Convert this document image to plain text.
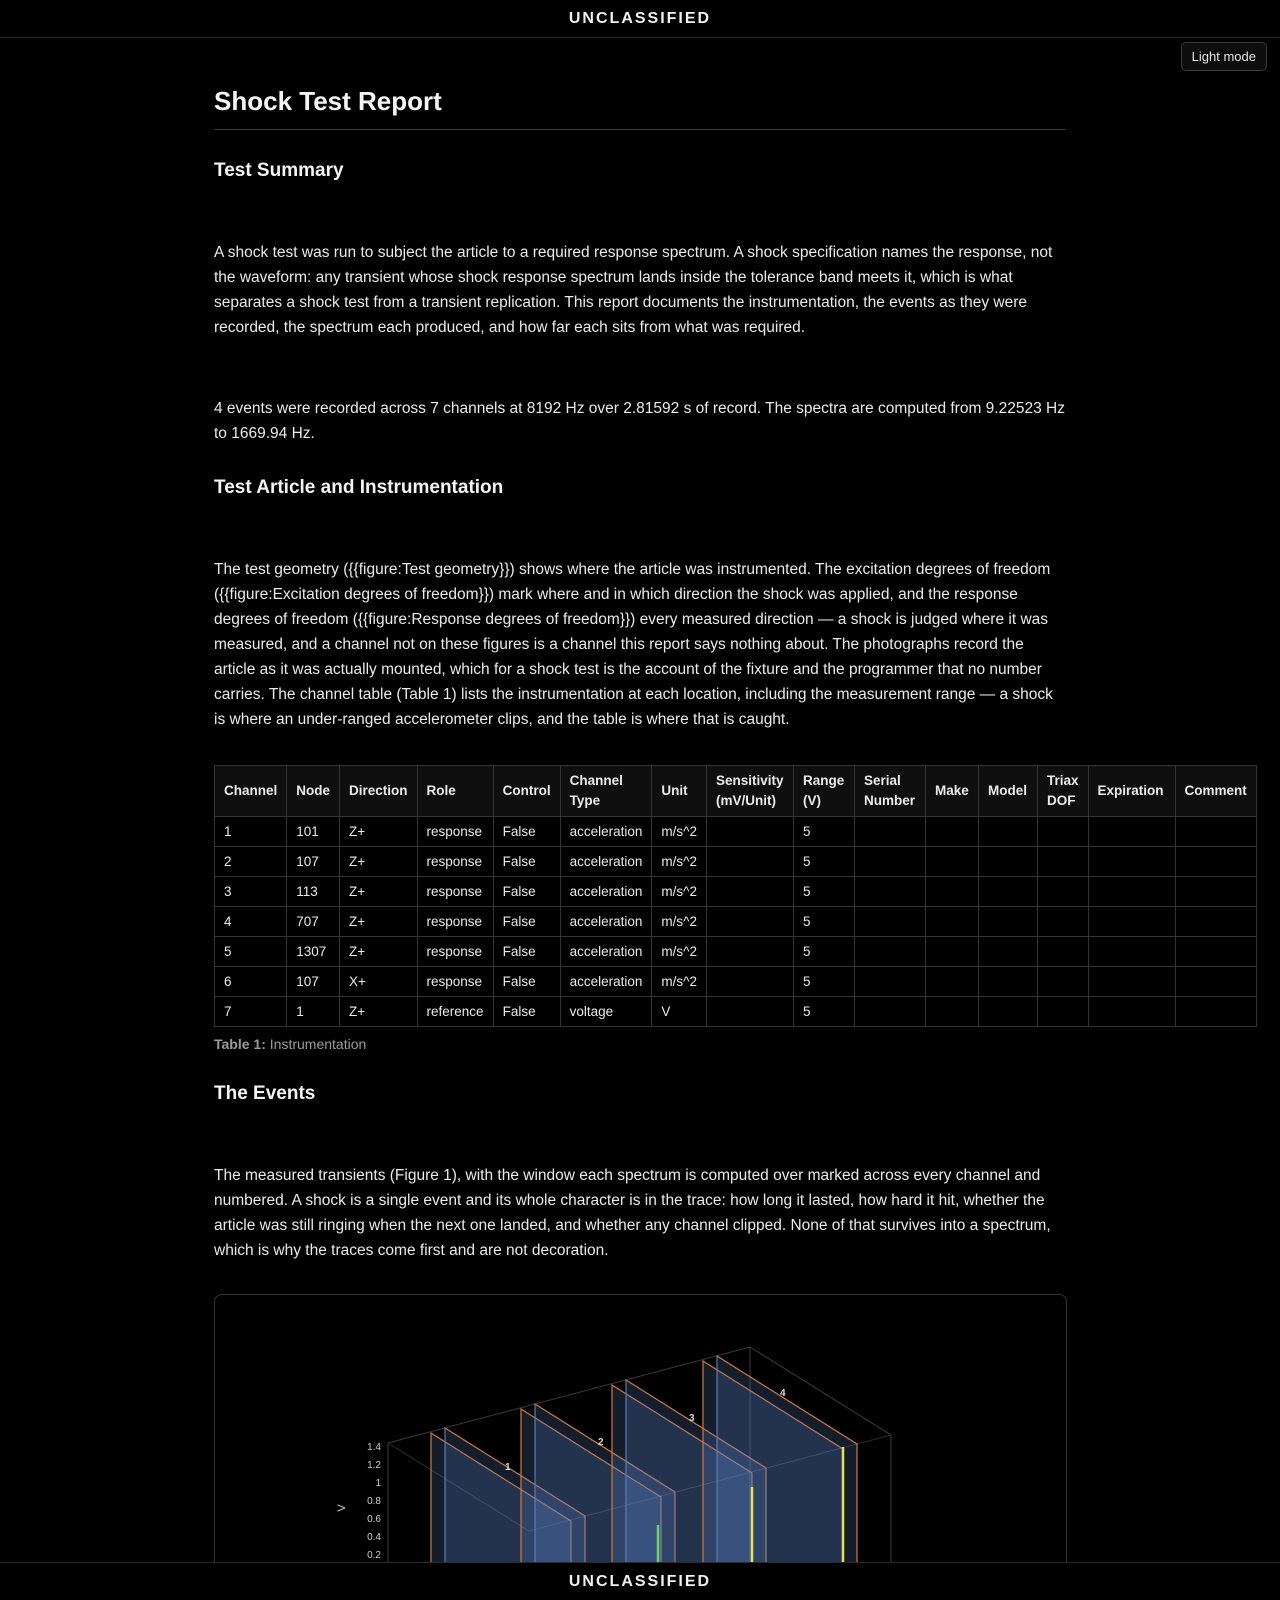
UNCLASSIFIED
Light mode
Shock Test Report
Test Summary

A shock test was run to subject the article to a required response spectrum. A shock specification names the response, not the waveform: any transient whose shock response spectrum lands inside the tolerance band meets it, which is what separates a shock test from a transient replication. This report documents the instrumentation, the events as they were recorded, the spectrum each produced, and how far each sits from what was required.

4 events were recorded across 7 channels at 8192 Hz over 2.81592 s of record. The spectra are computed from 9.22523 Hz to 1669.94 Hz.

Test Article and Instrumentation

The test geometry ({{figure:Test geometry}}) shows where the article was instrumented. The excitation degrees of freedom ({{figure:Excitation degrees of freedom}}) mark where and in which direction the shock was applied, and the response degrees of freedom ({{figure:Response degrees of freedom}}) every measured direction — a shock is judged where it was measured, and a channel not on these figures is a channel this report says nothing about. The photographs record the article as it was actually mounted, which for a shock test is the account of the fixture and the programmer that no number carries. The channel table (Table 1) lists the instrumentation at each location, including the measurement range — a shock is where an under-ranged accelerometer clips, and the table is where that is caught.

Channel	Node	Direction	Role	Control	Channel Type	Unit	Sensitivity (mV/Unit)	Range (V)	Serial Number	Make	Model	Triax DOF	Expiration	Comment
1	101	Z+	response	False	acceleration	m/s^2		5						
2	107	Z+	response	False	acceleration	m/s^2		5						
3	113	Z+	response	False	acceleration	m/s^2		5						
4	707	Z+	response	False	acceleration	m/s^2		5						
5	1307	Z+	response	False	acceleration	m/s^2		5						
6	107	X+	response	False	acceleration	m/s^2		5						
7	1	Z+	reference	False	voltage	V		5						
Table 1: Instrumentation
The Events

The measured transients (Figure 1), with the window each spectrum is computed over marked across every channel and numbered. A shock is a single event and its whole character is in the trace: how long it lasted, how hard it hit, whether the article was still ringing when the next one landed, and whether any channel clipped. None of that survives into a spectrum, which is why the traces come first and are not decoration.

1.4
1.2
1
0.8
0.6
0.4
0.2
V
1
2
3
4
UNCLASSIFIED
